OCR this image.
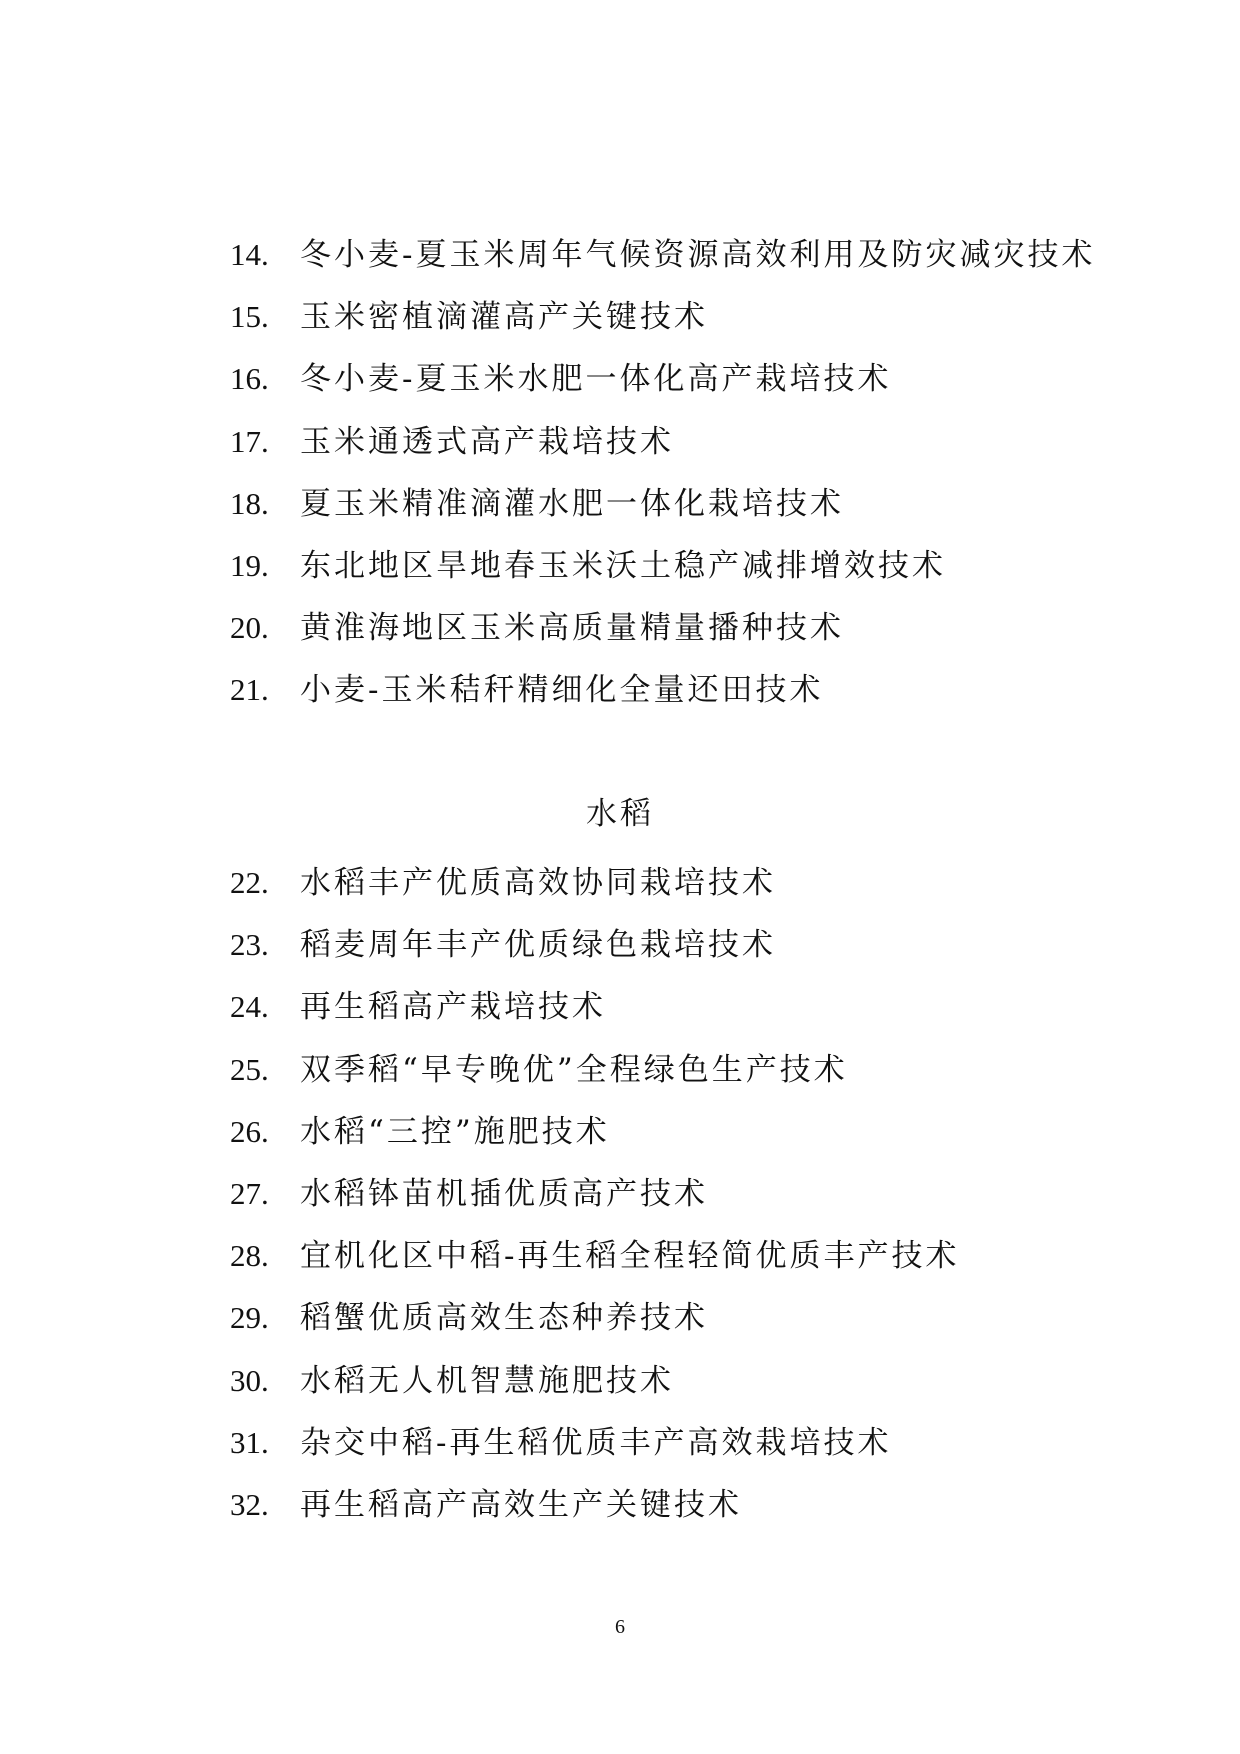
14.	冬小麦-夏玉米周年气候资源高效利用及防灾减灾技术
15.	玉米密植滴灌高产关键技术
16.	冬小麦-夏玉米水肥一体化高产栽培技术
17.	玉米通透式高产栽培技术
18.	夏玉米精准滴灌水肥一体化栽培技术
19.	东北地区旱地春玉米沃土稳产减排增效技术
20.	黄淮海地区玉米高质量精量播种技术
21.	小麦-玉米秸秆精细化全量还田技术
水稻
22.	水稻丰产优质高效协同栽培技术
23.	稻麦周年丰产优质绿色栽培技术
24.	再生稻高产栽培技术
25.	双季稻“早专晚优”全程绿色生产技术
26.	水稻“三控”施肥技术
27.	水稻钵苗机插优质高产技术
28.	宜机化区中稻-再生稻全程轻简优质丰产技术
29.	稻蟹优质高效生态种养技术
30.	水稻无人机智慧施肥技术
31.	杂交中稻-再生稻优质丰产高效栽培技术
32.	再生稻高产高效生产关键技术
6
